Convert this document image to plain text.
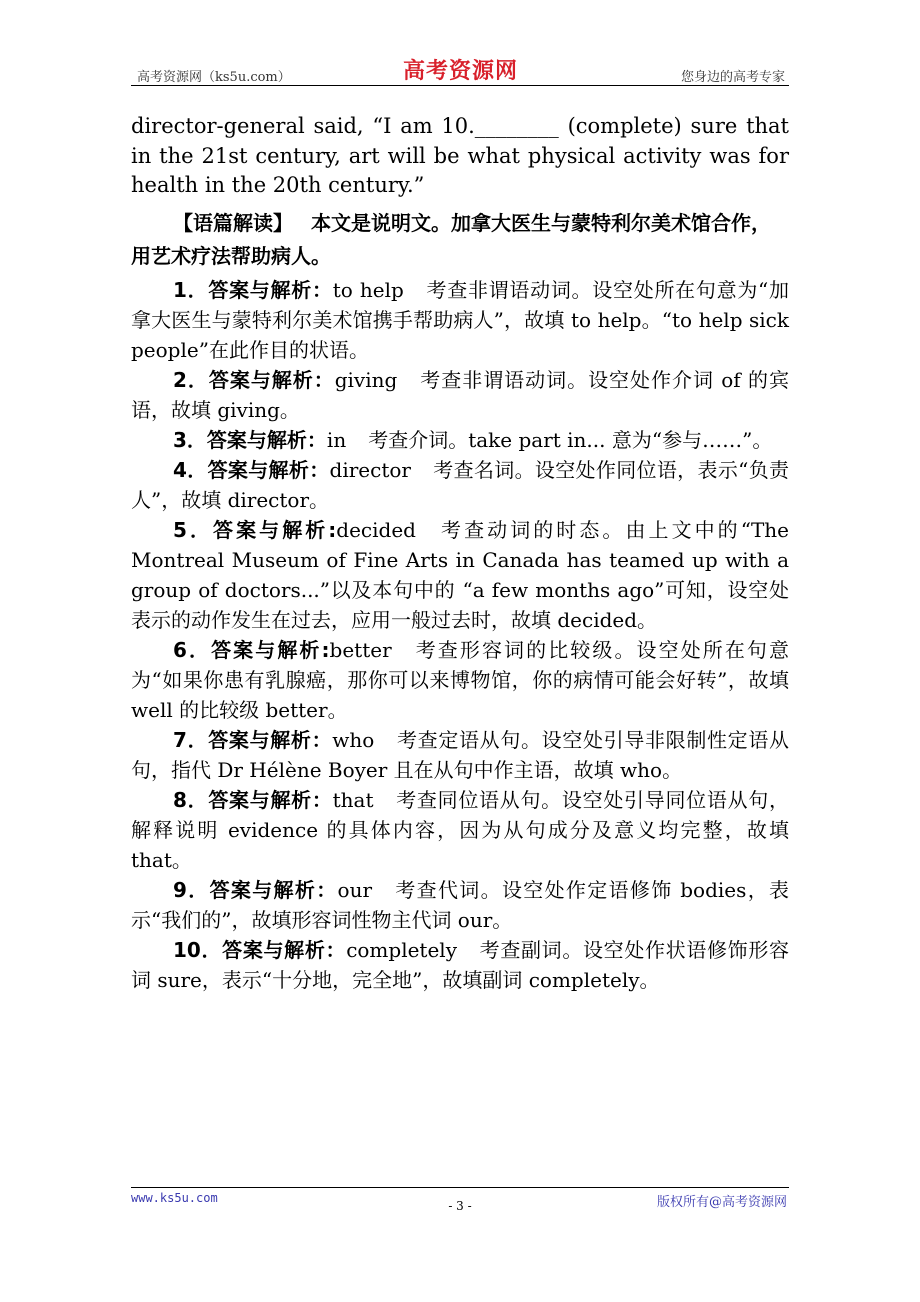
高考资源网（ks5u.com）	高考资源网	您身边的高考专家

director-general said, “I am 10.________ (complete) sure that in the 21st century, art will be what physical activity was for health in the 20th century.”

【语篇解读】 本文是说明文。加拿大医生与蒙特利尔美术馆合作，用艺术疗法帮助病人。

1．答案与解析：to help 考查非谓语动词。设空处所在句意为“加拿大医生与蒙特利尔美术馆携手帮助病人”，故填 to help。“to help sick people”在此作目的状语。

2．答案与解析：giving 考查非谓语动词。设空处作介词 of 的宾语，故填 giving。

3．答案与解析：in 考查介词。take part in... 意为“参与……”。

4．答案与解析：director 考查名词。设空处作同位语，表示“负责人”，故填 director。

5．答案与解析:decided 考查动词的时态。由上文中的“The Montreal Museum of Fine Arts in Canada has teamed up with a group of doctors...”以及本句中的 “a few months ago”可知，设空处表示的动作发生在过去，应用一般过去时，故填 decided。

6．答案与解析:better 考查形容词的比较级。设空处所在句意为“如果你患有乳腺癌，那你可以来博物馆，你的病情可能会好转”，故填 well 的比较级 better。

7．答案与解析：who 考查定语从句。设空处引导非限制性定语从句，指代 Dr Hélène Boyer 且在从句中作主语，故填 who。

8．答案与解析：that 考查同位语从句。设空处引导同位语从句，解释说明 evidence 的具体内容，因为从句成分及意义均完整，故填 that。

9．答案与解析：our 考查代词。设空处作定语修饰 bodies，表示“我们的”，故填形容词性物主代词 our。

10．答案与解析：completely 考查副词。设空处作状语修饰形容词 sure，表示“十分地，完全地”，故填副词 completely。

www.ks5u.com
- 3 -	版权所有@高考资源网
